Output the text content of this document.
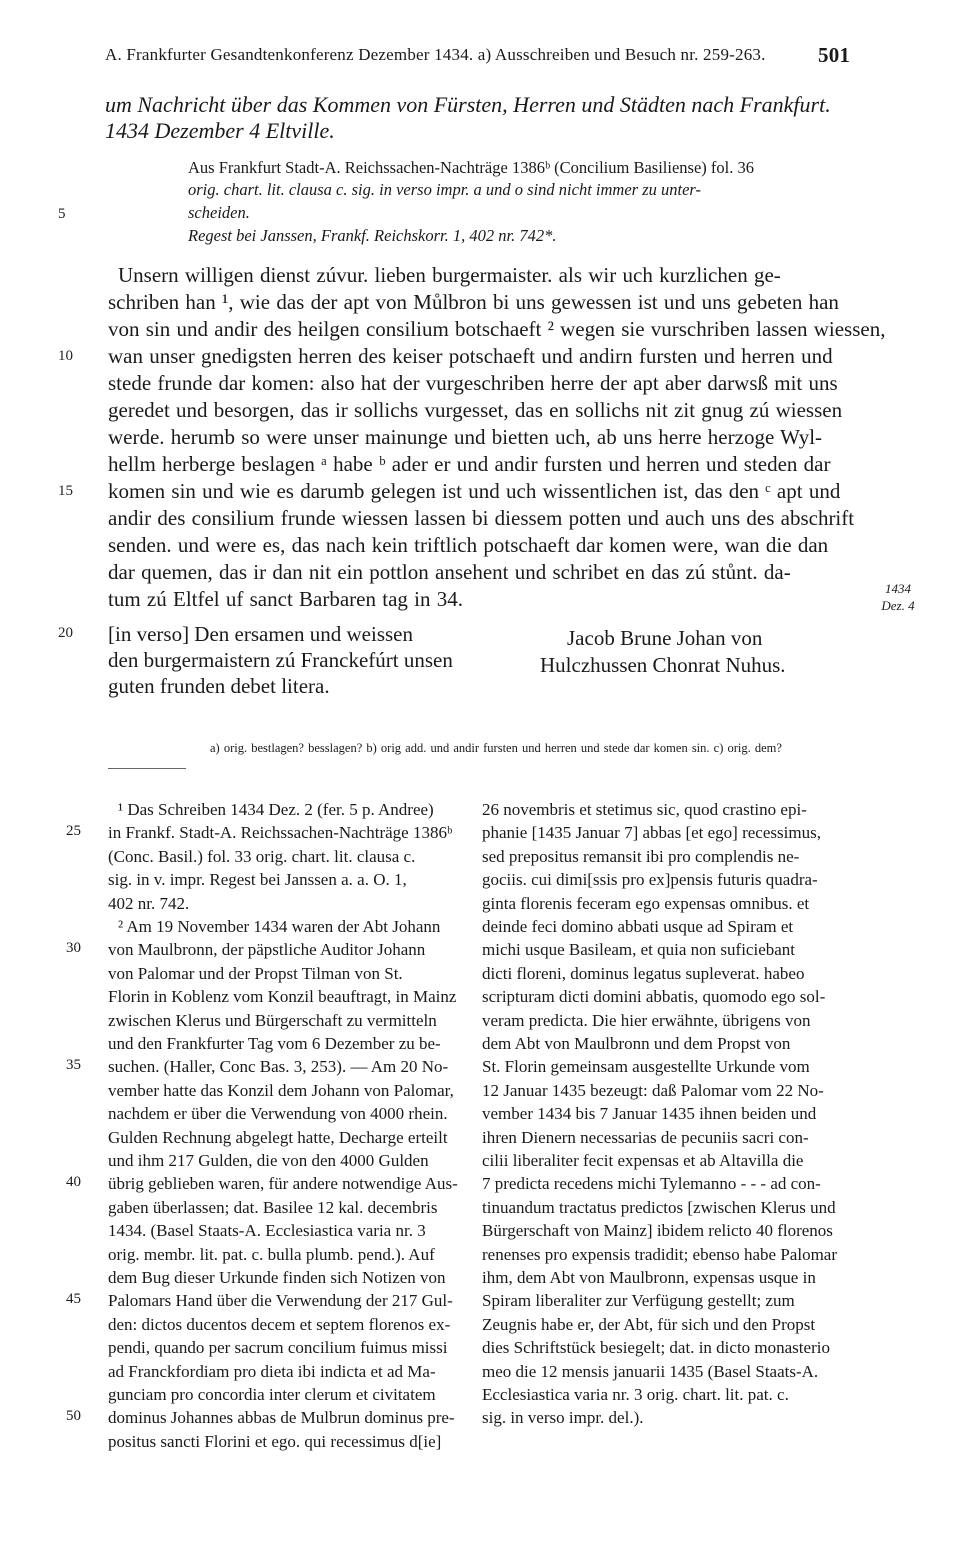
A. Frankfurter Gesandtenkonferenz Dezember 1434. a) Ausschreiben und Besuch nr. 259-263. 501
um Nachricht über das Kommen von Fürsten, Herren und Städten nach Frankfurt.
1434 Dezember 4 Eltville.
Aus Frankfurt Stadt-A. Reichssachen-Nachträge 1386ᵇ (Concilium Basiliense) fol. 36
orig. chart. lit. clausa c. sig. in verso impr. a und o sind nicht immer zu unter-
scheiden.
Regest bei Janssen, Frankf. Reichskorr. 1, 402 nr. 742*.
5
Unsern willigen dienst zúvur. lieben burgermaister. als wir uch kurzlichen ge-
schriben han ¹, wie das der apt von Můlbron bi uns gewessen ist und uns gebeten han
von sin und andir des heilgen consilium botschaeft ² wegen sie vurschriben lassen wiessen,
wan unser gnedigsten herren des keiser potschaeft und andirn fursten und herren und
stede frunde dar komen: also hat der vurgeschriben herre der apt aber darwsß mit uns
geredet und besorgen, das ir sollichs vurgesset, das en sollichs nit zit gnug zú wiessen
werde. herumb so were unser mainunge und bietten uch, ab uns herre herzoge Wyl-
hellm herberge beslagen ᵃ habe ᵇ ader er und andir fursten und herren und steden dar
komen sin und wie es darumb gelegen ist und uch wissentlichen ist, das den ᶜ apt und
andir des consilium frunde wiessen lassen bi diessem potten und auch uns des abschrift
senden. und were es, das nach kein triftlich potschaeft dar komen were, wan die dan
dar quemen, das ir dan nit ein pottlon ansehent und schribet en das zú stůnt. da-
tum zú Eltfel uf sanct Barbaren tag in 34.
10
15
1434
Dez. 4
[in verso] Den ersamen und weissen
den burgermaistern zú Franckefúrt unsen
guten frunden debet litera.
20	Jacob Brune Johan von
Hulczhussen Chonrat Nuhus.
a) orig. bestlagen? besslagen? b) orig add. und andir fursten und herren und stede dar komen sin. c) orig. dem?
¹ Das Schreiben 1434 Dez. 2 (fer. 5 p. Andree)
25	in Frankf. Stadt-A. Reichssachen-Nachträge 1386ᵇ
(Conc. Basil.) fol. 33 orig. chart. lit. clausa c.
sig. in v. impr. Regest bei Janssen a. a. O. 1,
402 nr. 742.
² Am 19 November 1434 waren der Abt Johann
30	von Maulbronn, der päpstliche Auditor Johann
von Palomar und der Propst Tilman von St.
Florin in Koblenz vom Konzil beauftragt, in Mainz
zwischen Klerus und Bürgerschaft zu vermitteln
und den Frankfurter Tag vom 6 Dezember zu be-
35	suchen. (Haller, Conc Bas. 3, 253). — Am 20 No-
vember hatte das Konzil dem Johann von Palomar,
nachdem er über die Verwendung von 4000 rhein.
Gulden Rechnung abgelegt hatte, Decharge erteilt
und ihm 217 Gulden, die von den 4000 Gulden
40	übrig geblieben waren, für andere notwendige Aus-
gaben überlassen; dat. Basilee 12 kal. decembris
1434. (Basel Staats-A. Ecclesiastica varia nr. 3
orig. membr. lit. pat. c. bulla plumb. pend.). Auf
dem Bug dieser Urkunde finden sich Notizen von
45	Palomars Hand über die Verwendung der 217 Gul-
den: dictos ducentos decem et septem florenos ex-
pendi, quando per sacrum concilium fuimus missi
ad Franckfordiam pro dieta ibi indicta et ad Ma-
gunciam pro concordia inter clerum et civitatem
50	dominus Johannes abbas de Mulbrun dominus pre-
positus sancti Florini et ego. qui recessimus d[ie]
26 novembris et stetimus sic, quod crastino epi-
phanie [1435 Januar 7] abbas [et ego] recessimus,
sed prepositus remansit ibi pro complendis ne-
gociis. cui dimi[ssis pro ex]pensis futuris quadra-
ginta florenis feceram ego expensas omnibus. et
deinde feci domino abbati usque ad Spiram et
michi usque Basileam, et quia non suficiebant
dicti floreni, dominus legatus supleverat. habeo
scripturam dicti domini abbatis, quomodo ego sol-
veram predicta. Die hier erwähnte, übrigens von
dem Abt von Maulbronn und dem Propst von
St. Florin gemeinsam ausgestellte Urkunde vom
12 Januar 1435 bezeugt: daß Palomar vom 22 No-
vember 1434 bis 7 Januar 1435 ihnen beiden und
ihren Dienern necessarias de pecuniis sacri con-
cilii liberaliter fecit expensas et ab Altavilla die
7 predicta recedens michi Tylemanno - - - ad con-
tinuandum tractatus predictos [zwischen Klerus und
Bürgerschaft von Mainz] ibidem relicto 40 florenos
renenses pro expensis tradidit; ebenso habe Palomar
ihm, dem Abt von Maulbronn, expensas usque in
Spiram liberaliter zur Verfügung gestellt; zum
Zeugnis habe er, der Abt, für sich und den Propst
dies Schriftstück besiegelt; dat. in dicto monasterio
meo die 12 mensis januarii 1435 (Basel Staats-A.
Ecclesiastica varia nr. 3 orig. chart. lit. pat. c.
sig. in verso impr. del.).
